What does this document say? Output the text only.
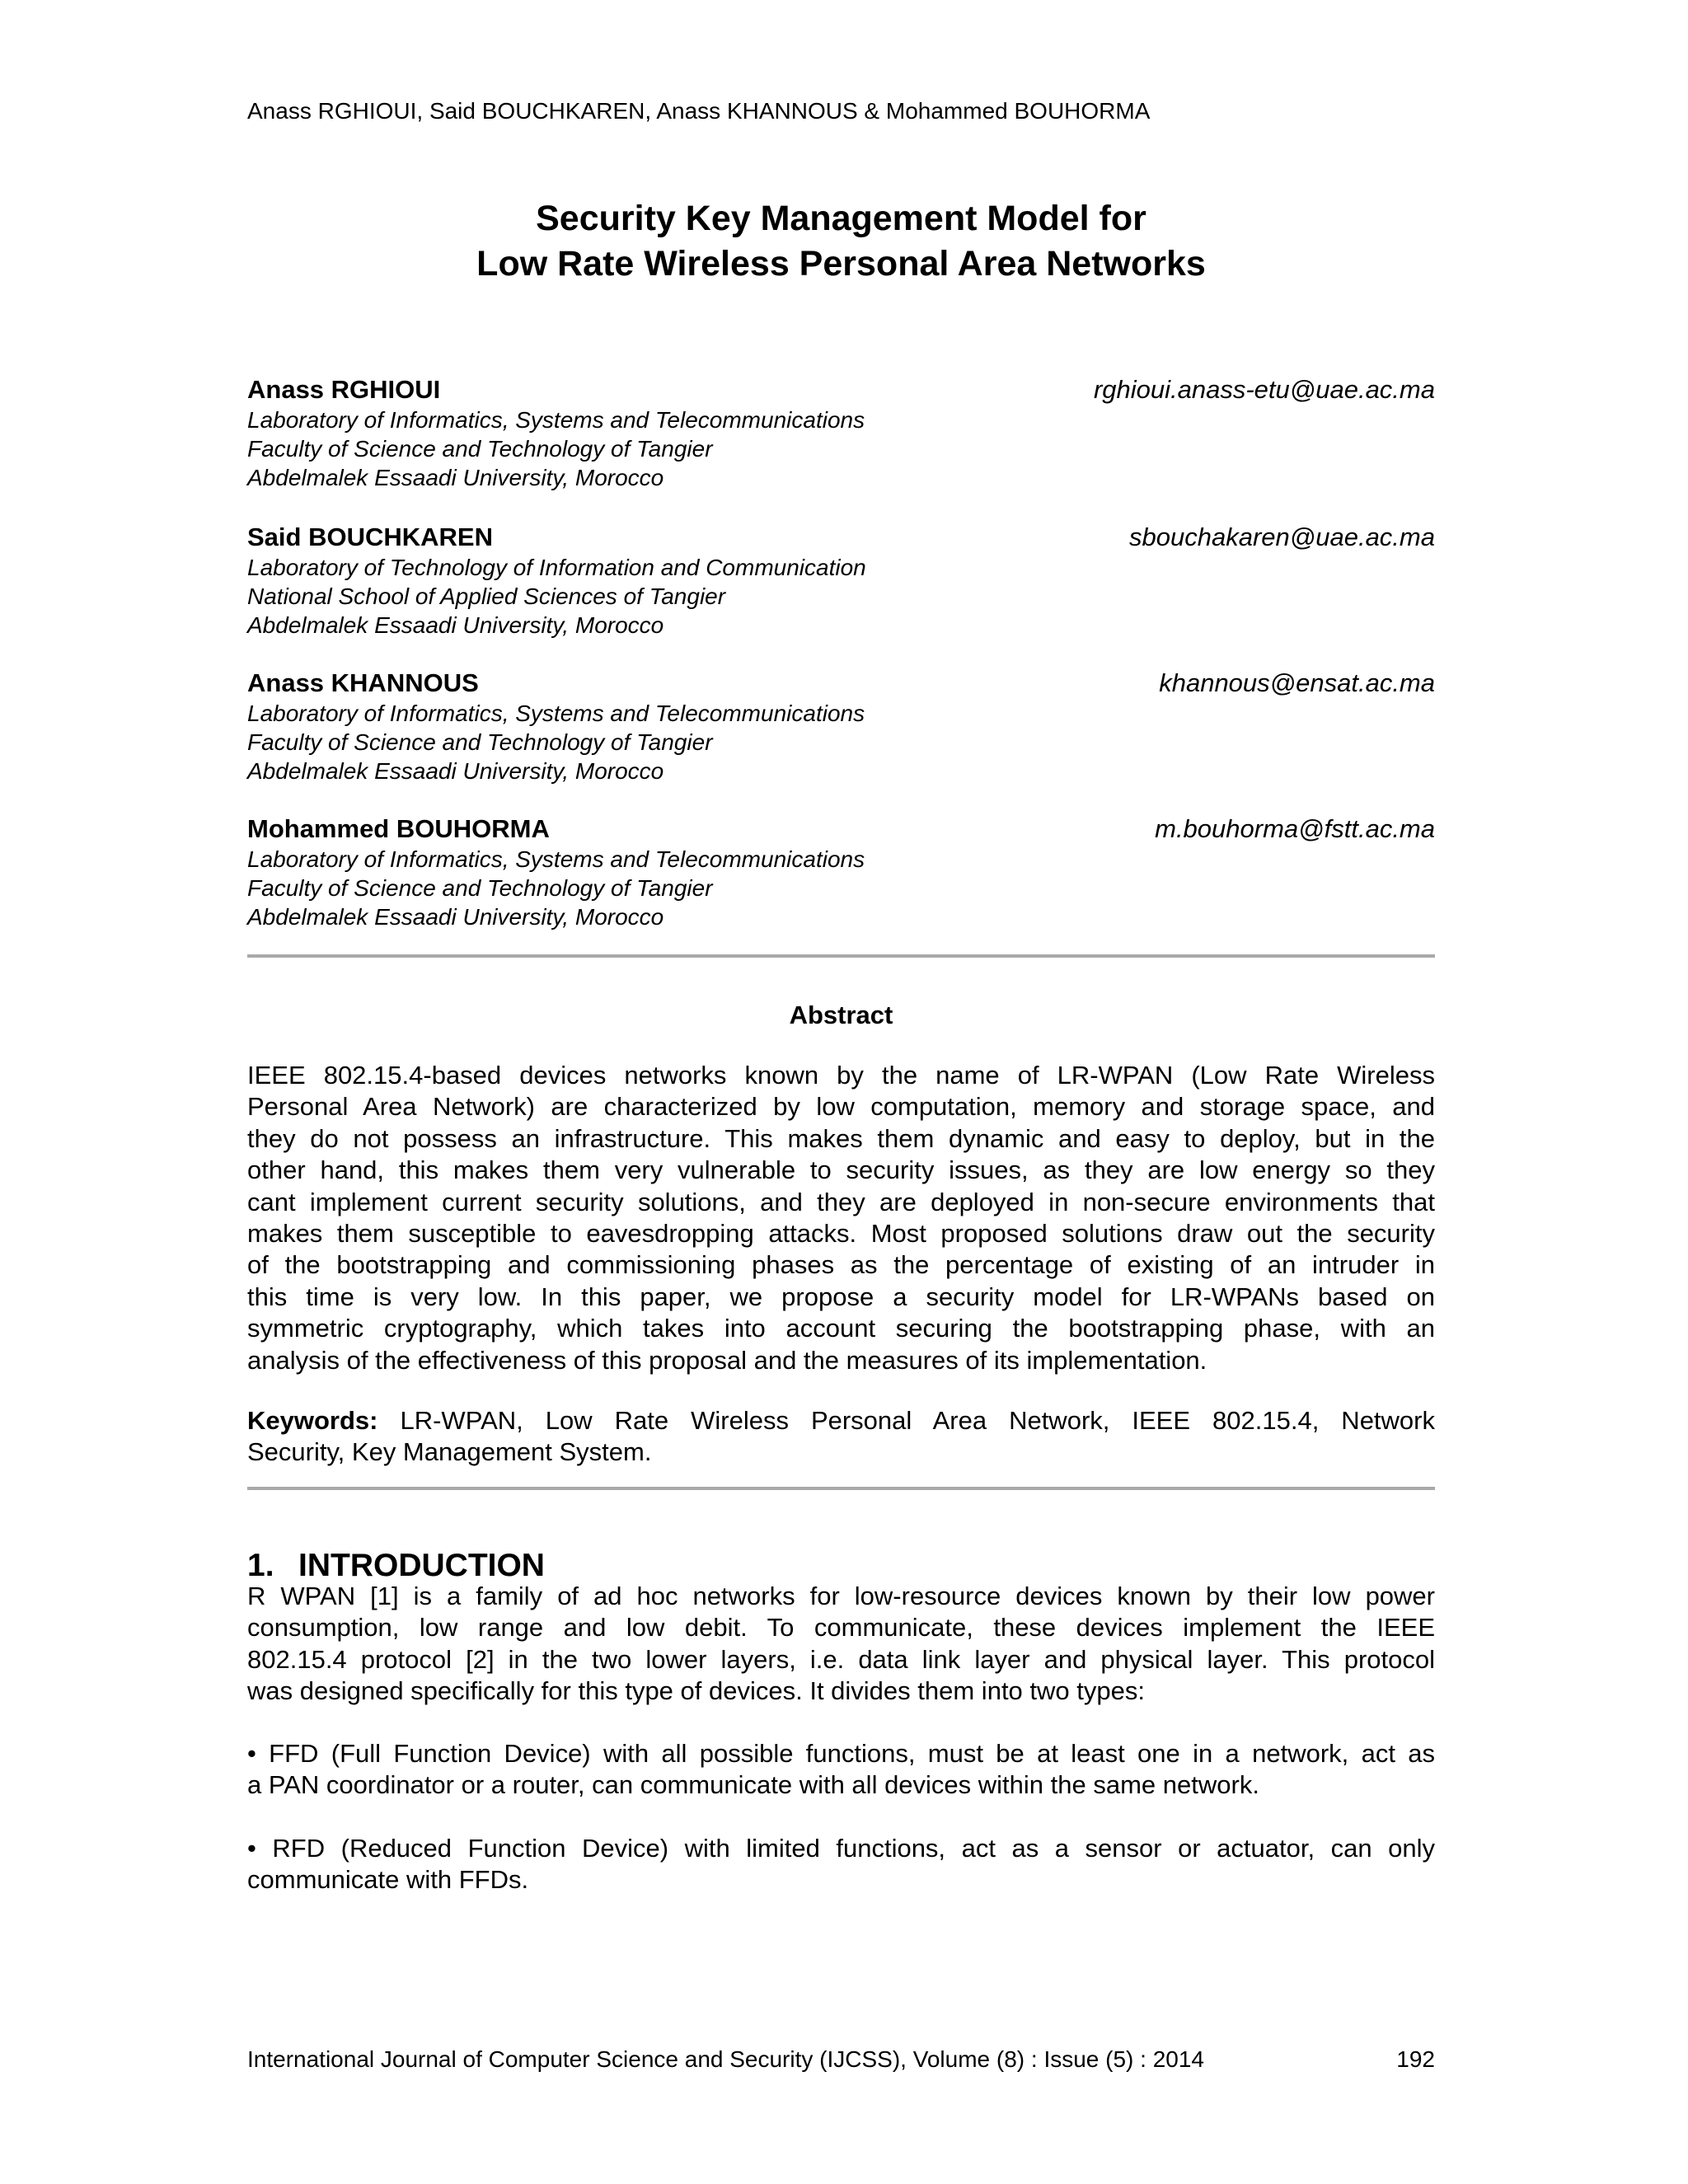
Anass RGHIOUI, Said BOUCHKAREN, Anass KHANNOUS & Mohammed BOUHORMA
Security Key Management Model for
Low Rate Wireless Personal Area Networks
Anass RGHIOUI	rghioui.anass-etu@uae.ac.ma
Laboratory of Informatics, Systems and Telecommunications
Faculty of Science and Technology of Tangier
Abdelmalek Essaadi University, Morocco
Said BOUCHKAREN	sbouchakaren@uae.ac.ma
Laboratory of Technology of Information and Communication
National School of Applied Sciences of Tangier
Abdelmalek Essaadi University, Morocco
Anass KHANNOUS	khannous@ensat.ac.ma
Laboratory of Informatics, Systems and Telecommunications
Faculty of Science and Technology of Tangier
Abdelmalek Essaadi University, Morocco
Mohammed BOUHORMA	m.bouhorma@fstt.ac.ma
Laboratory of Informatics, Systems and Telecommunications
Faculty of Science and Technology of Tangier
Abdelmalek Essaadi University, Morocco
Abstract
IEEE 802.15.4-based devices networks known by the name of LR-WPAN (Low Rate Wireless
Personal Area Network) are characterized by low computation, memory and storage space, and
they do not possess an infrastructure. This makes them dynamic and easy to deploy, but in the
other hand, this makes them very vulnerable to security issues, as they are low energy so they
cant implement current security solutions, and they are deployed in non-secure environments that
makes them susceptible to eavesdropping attacks. Most proposed solutions draw out the security
of the bootstrapping and commissioning phases as the percentage of existing of an intruder in
this time is very low. In this paper, we propose a security model for LR-WPANs based on
symmetric cryptography, which takes into account securing the bootstrapping phase, with an
analysis of the effectiveness of this proposal and the measures of its implementation.
Keywords: LR-WPAN, Low Rate Wireless Personal Area Network, IEEE 802.15.4, Network
Security, Key Management System.
1. INTRODUCTION
R WPAN [1] is a family of ad hoc networks for low-resource devices known by their low power
consumption, low range and low debit. To communicate, these devices implement the IEEE
802.15.4 protocol [2] in the two lower layers, i.e. data link layer and physical layer. This protocol
was designed specifically for this type of devices. It divides them into two types:
• FFD (Full Function Device) with all possible functions, must be at least one in a network, act as
a PAN coordinator or a router, can communicate with all devices within the same network.
• RFD (Reduced Function Device) with limited functions, act as a sensor or actuator, can only
communicate with FFDs.
International Journal of Computer Science and Security (IJCSS), Volume (8) : Issue (5) : 2014	192
